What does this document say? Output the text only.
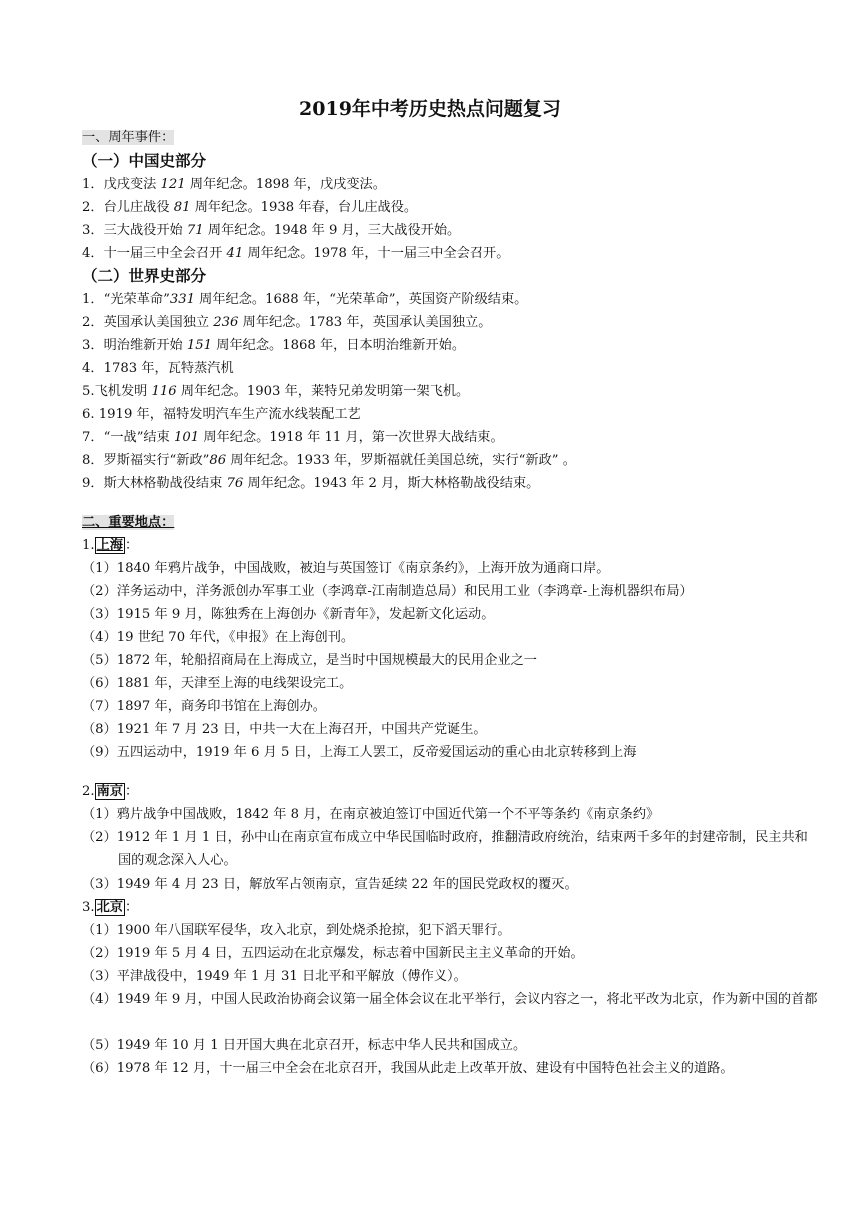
2019年中考历史热点问题复习
一、周年事件：
（一）中国史部分
1．戊戌变法 121 周年纪念。1898 年，戊戌变法。
2．台儿庄战役 81 周年纪念。1938 年春，台儿庄战役。
3．三大战役开始 71 周年纪念。1948 年 9 月，三大战役开始。
4．十一届三中全会召开 41 周年纪念。1978 年，十一届三中全会召开。
（二）世界史部分
1．“光荣革命”331 周年纪念。1688 年，“光荣革命”，英国资产阶级结束。
2．英国承认美国独立 236 周年纪念。1783 年，英国承认美国独立。
3．明治维新开始 151 周年纪念。1868 年，日本明治维新开始。
4．1783 年，瓦特蒸汽机
5.飞机发明 116 周年纪念。1903 年，莱特兄弟发明第一架飞机。
6. 1919 年，福特发明汽车生产流水线装配工艺
7．“一战”结束 101 周年纪念。1918 年 11 月，第一次世界大战结束。
8．罗斯福实行“新政”86 周年纪念。1933 年，罗斯福就任美国总统，实行“新政” 。
9．斯大林格勒战役结束 76 周年纪念。1943 年 2 月，斯大林格勒战役结束。
二、重要地点：
1. 上海 ：
（1）1840 年鸦片战争，中国战败，被迫与英国签订《南京条约》，上海开放为通商口岸。
（2）洋务运动中，洋务派创办军事工业（李鸿章-江南制造总局）和民用工业（李鸿章-上海机器织布局）
（3）1915 年 9 月，陈独秀在上海创办《新青年》，发起新文化运动。
（4）19 世纪 70 年代，《申报》在上海创刊。
（5）1872 年，轮船招商局在上海成立，是当时中国规模最大的民用企业之一
（6）1881 年，天津至上海的电线架设完工。
（7）1897 年，商务印书馆在上海创办。
（8）1921 年 7 月 23 日，中共一大在上海召开，中国共产党诞生。
（9）五四运动中，1919 年 6 月 5 日，上海工人罢工，反帝爱国运动的重心由北京转移到上海
2. 南京 ：
（1）鸦片战争中国战败，1842 年 8 月，在南京被迫签订中国近代第一个不平等条约《南京条约》
（2）1912 年 1 月 1 日，孙中山在南京宣布成立中华民国临时政府，推翻清政府统治，结束两千多年的封建帝制，民主共和国的观念深入人心。
（3）1949 年 4 月 23 日，解放军占领南京，宣告延续 22 年的国民党政权的覆灭。
3. 北京 ：
（1）1900 年八国联军侵华，攻入北京，到处烧杀抢掠，犯下滔天罪行。
（2）1919 年 5 月 4 日，五四运动在北京爆发，标志着中国新民主主义革命的开始。
（3）平津战役中，1949 年 1 月 31 日北平和平解放（傅作义）。
（4）1949 年 9 月，中国人民政治协商会议第一届全体会议在北平举行，会议内容之一，将北平改为北京，作为新中国的首都
（5）1949 年 10 月 1 日开国大典在北京召开，标志中华人民共和国成立。
（6）1978 年 12 月，十一届三中全会在北京召开，我国从此走上改革开放、建设有中国特色社会主义的道路。
